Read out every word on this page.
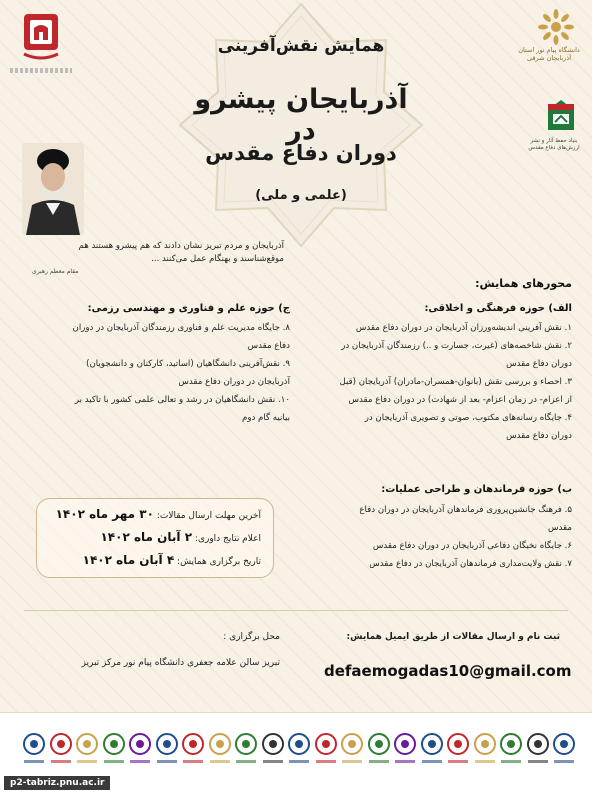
همایش نقش‌آفرینی
آذربایجان پیشرو در
دوران دفاع مقدس
(علمی و ملی)
دانشگاه پیام نور استان آذربایجان شرقی
بنیاد حفظ آثار و نشر ارزش‌های دفاع مقدس
آذربایجان و مردم تبریز نشان دادند که هم پیشرو هستند هم موقع‌شناسند و بهنگام عمل می‌کنند ...
مقام معظم رهبری
محورهای همایش:
الف) حوزه فرهنگی و اخلاقی:
۱. نقش آفرینی اندیشه‌ورزان آذربایجان در دوران دفاع مقدس
۲. نقش شاخصه‌های (غیرت، جسارت و ..) رزمندگان آذربایجان در
دوران دفاع مقدس
۳. احصاء و بررسی نقش (بانوان-همسران-مادران) آذربایجان (قبل
از اعزام- در زمان اعزام- بعد از شهادت) در دوران دفاع مقدس
۴. جایگاه رسانه‌های مکتوب، صوتی و تصویری آذربایجان در
دوران دفاع مقدس
ب) حوزه فرماندهان و طراحی عملیات:
۵. فرهنگ جانشین‌پروری فرماندهان آذربایجان در دوران دفاع
مقدس
۶. جایگاه نخبگان دفاعی آذربایجان در دوران دفاع مقدس
۷. نقش ولایت‌مداری فرماندهان آذربایجان در دفاع مقدس
ج) حوزه علم و فناوری و مهندسی رزمی:
۸. جایگاه مدیریت علم و فناوری رزمندگان آذربایجان در دوران
دفاع مقدس
۹. نقش‌آفرینی دانشگاهیان (اساتید، کارکنان و دانشجویان)
آذربایجان در دوران دفاع مقدس
۱۰. نقش دانشگاهیان در رشد و تعالی علمی کشور با تاکید بر
بیانیه گام دوم
آخرین مهلت ارسال مقالات: ۳۰ مهر ماه ۱۴۰۲
اعلام نتایج داوری: ۲ آبان ماه ۱۴۰۲
تاریخ برگزاری همایش: ۴ آبان ماه ۱۴۰۲
محل برگزاری :
تبریز سالن علامه جعفری دانشگاه پیام نور مرکز تبریز
ثبت نام و ارسال مقالات از طریق ایمیل همایش:
defaemogadas10@gmail.com
p2-tabriz.pnu.ac.ir
